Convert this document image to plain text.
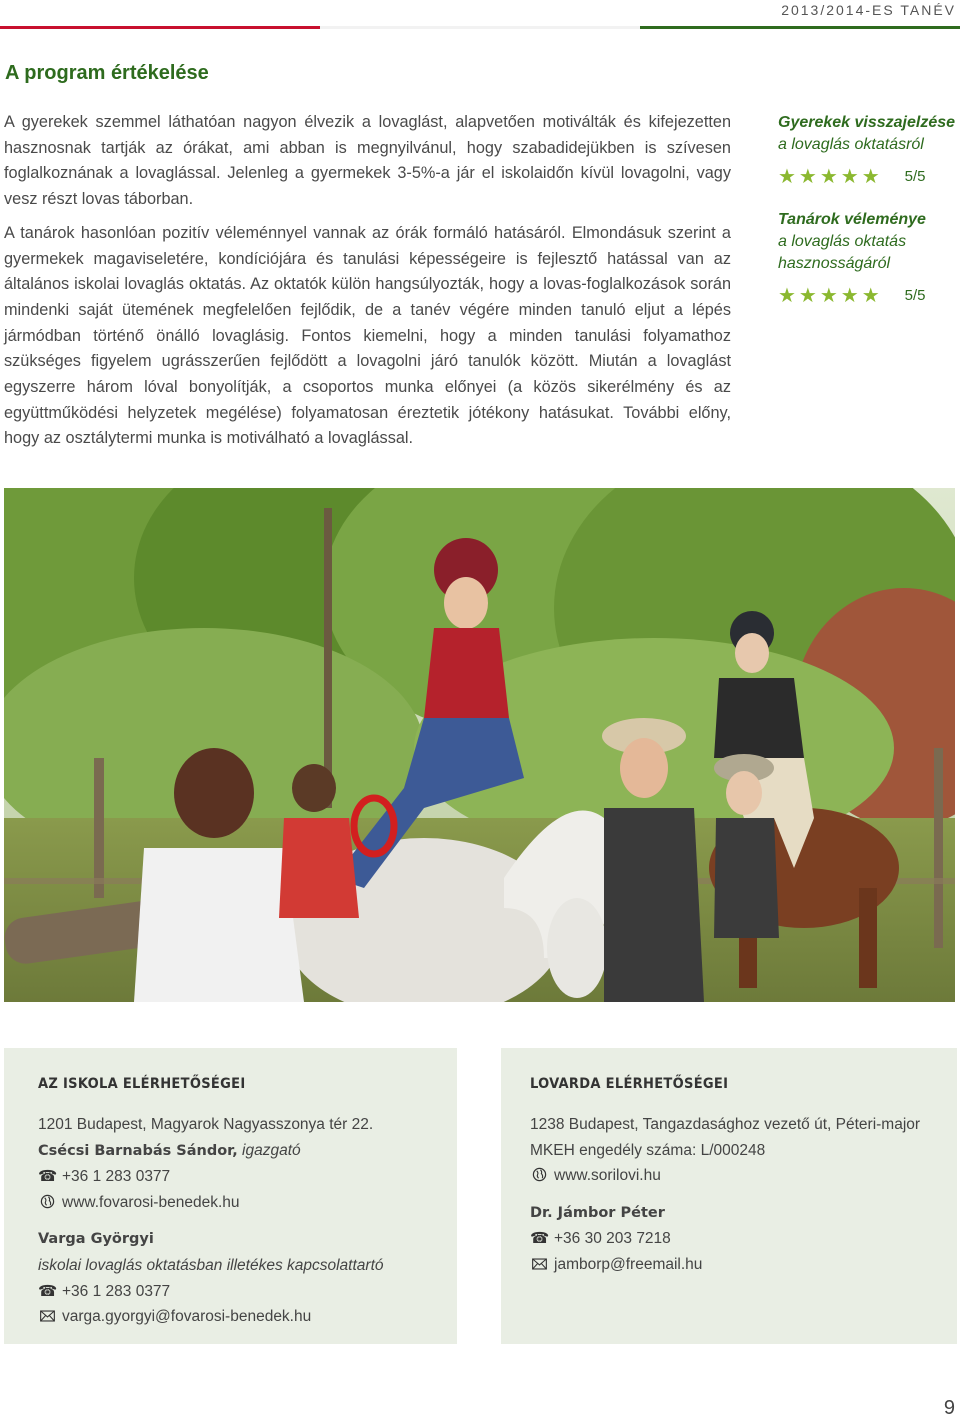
2013/2014-ES TANÉV
A program értékelése

A gyerekek szemmel láthatóan nagyon élvezik a lovaglást, alapvetően motiválták és kifejezetten hasznosnak tartják az órákat, ami abban is megnyilvánul, hogy szabadidejükben is szívesen foglalkoznának a lovaglással. Jelenleg a gyermekek 3-5%-a jár el iskolaidőn kívül lovagolni, vagy vesz részt lovas táborban.

A tanárok hasonlóan pozitív véleménnyel vannak az órák formáló hatásáról. Elmondásuk szerint a gyermekek magaviseletére, kondíciójára és tanulási képességeire is fejlesztő hatással van az általános iskolai lovaglás oktatás. Az oktatók külön hangsúlyozták, hogy a lovas-foglalkozások során mindenki saját ütemének megfelelően fejlődik, de a tanév végére minden tanuló eljut a lépés jármódban történő önálló lovaglásig. Fontos kiemelni, hogy a minden tanulási folyamathoz szükséges figyelem ugrásszerűen fejlődött a lovagolni járó tanulók között. Miután a lovaglást egyszerre három lóval bonyolítják, a csoportos munka előnyei (a közös sikerélmény és az együttműködési helyzetek megélése) folyamatosan éreztetik jótékony hatásukat. További előny, hogy az osztálytermi munka is motiválható a lovaglással.

Gyerekek visszajelzése
a lovaglás oktatásról
★★★★★ 5/5
Tanárok véleménye
a lovaglás oktatás
hasznosságáról
★★★★★ 5/5
AZ ISKOLA ELÉRHETŐSÉGEI
1201 Budapest, Magyarok Nagyasszonya tér 22.
Csécsi Barnabás Sándor, igazgató
☎ +36 1 283 0377
www.fovarosi-benedek.hu
Varga Györgyi
iskolai lovaglás oktatásban illetékes kapcsolattartó
☎ +36 1 283 0377
varga.gyorgyi@fovarosi-benedek.hu
LOVARDA ELÉRHETŐSÉGEI
1238 Budapest, Tangazdasághoz vezető út, Péteri-major
MKEH engedély száma: L/000248
www.sorilovi.hu
Dr. Jámbor Péter
☎ +36 30 203 7218
jamborp@freemail.hu
9
